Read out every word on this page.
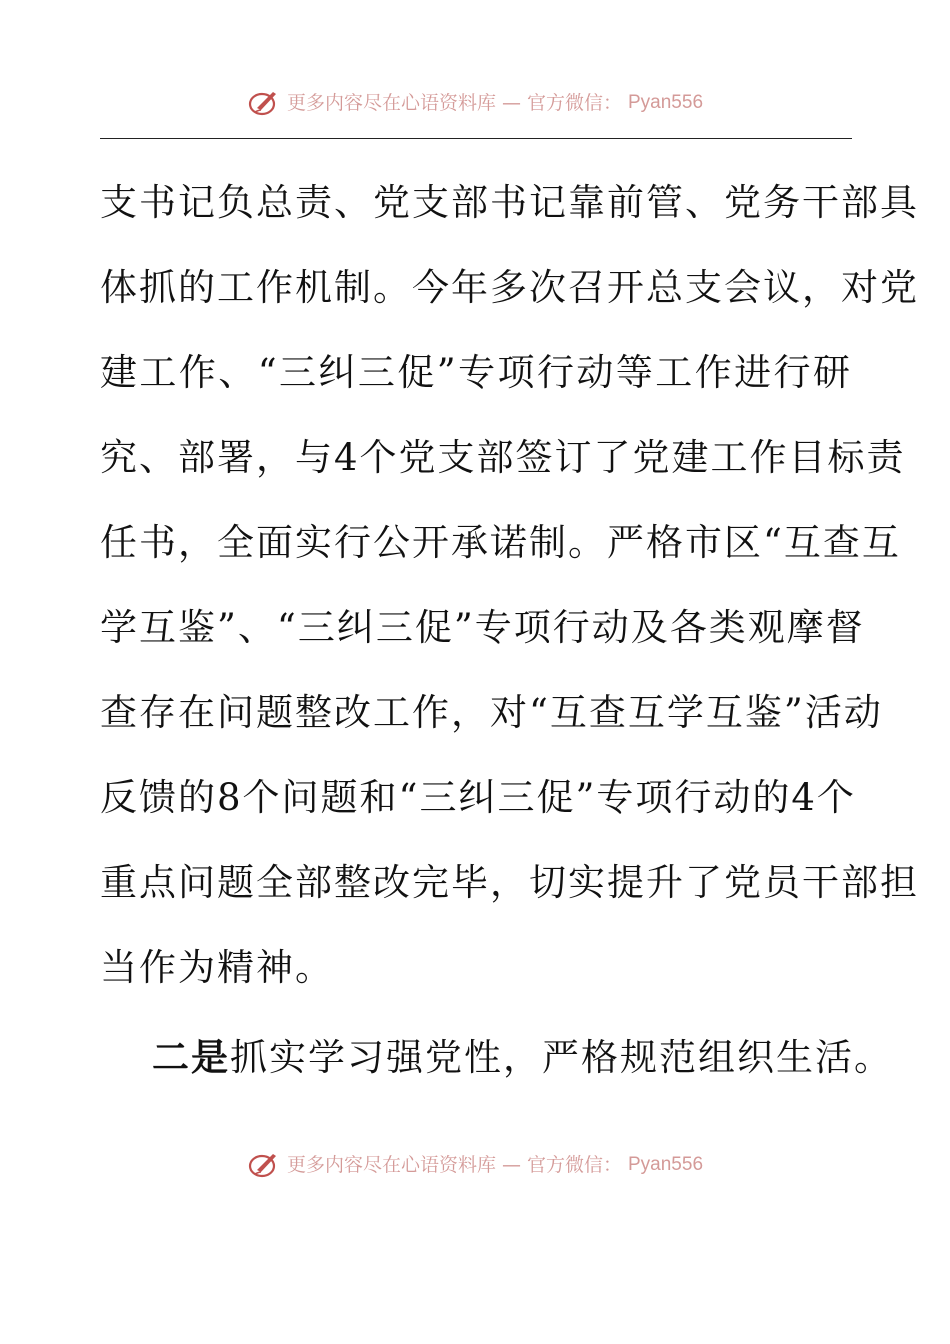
更多内容尽在心语资料库 — 官方微信： Pyan556
支书记负总责、党支部书记靠前管、党务干部具
体抓的工作机制。今年多次召开总支会议，对党
建工作、“三纠三促”专项行动等工作进行研
究、部署，与4个党支部签订了党建工作目标责
任书，全面实行公开承诺制。严格市区“互查互
学互鉴”、“三纠三促”专项行动及各类观摩督
查存在问题整改工作，对“互查互学互鉴”活动
反馈的8个问题和“三纠三促”专项行动的4个
重点问题全部整改完毕，切实提升了党员干部担
当作为精神。
二是抓实学习强党性，严格规范组织生活。
更多内容尽在心语资料库 — 官方微信： Pyan556
